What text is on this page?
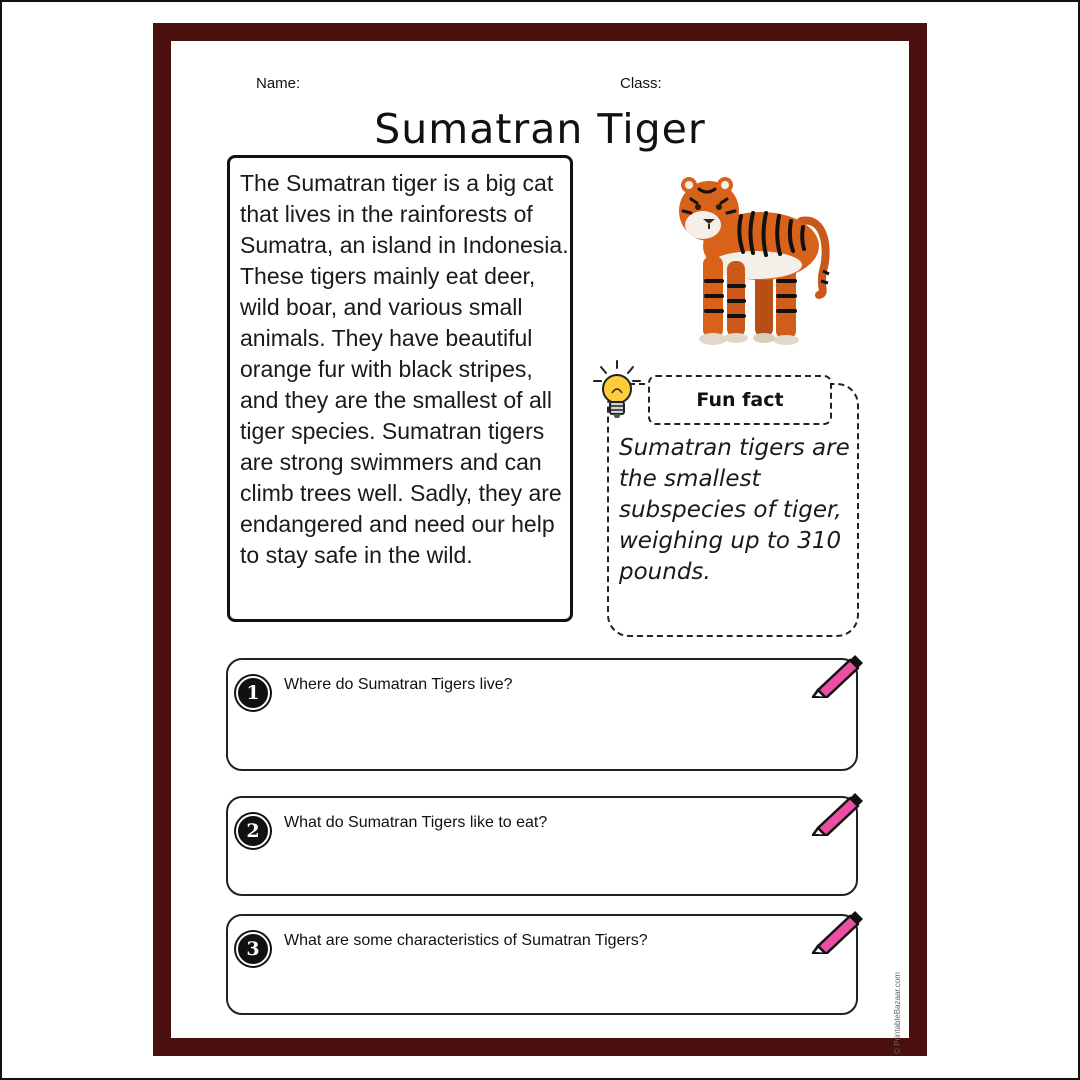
Name:	Class:
Sumatran Tiger

The Sumatran tiger is a big cat that lives in the rainforests of Sumatra, an island in Indonesia. These tigers mainly eat deer, wild boar, and various small animals. They have beautiful orange fur with black stripes, and they are the smallest of all tiger species. Sumatran tigers are strong swimmers and can climb trees well. Sadly, they are endangered and need our help to stay safe in the wild.

Fun fact
Sumatran tigers are the smallest subspecies of tiger, weighing up to 310 pounds.
1	Where do Sumatran Tigers live?
2	What do Sumatran Tigers like to eat?
3	What are some characteristics of Sumatran Tigers?
© PrintableBazaar.com
